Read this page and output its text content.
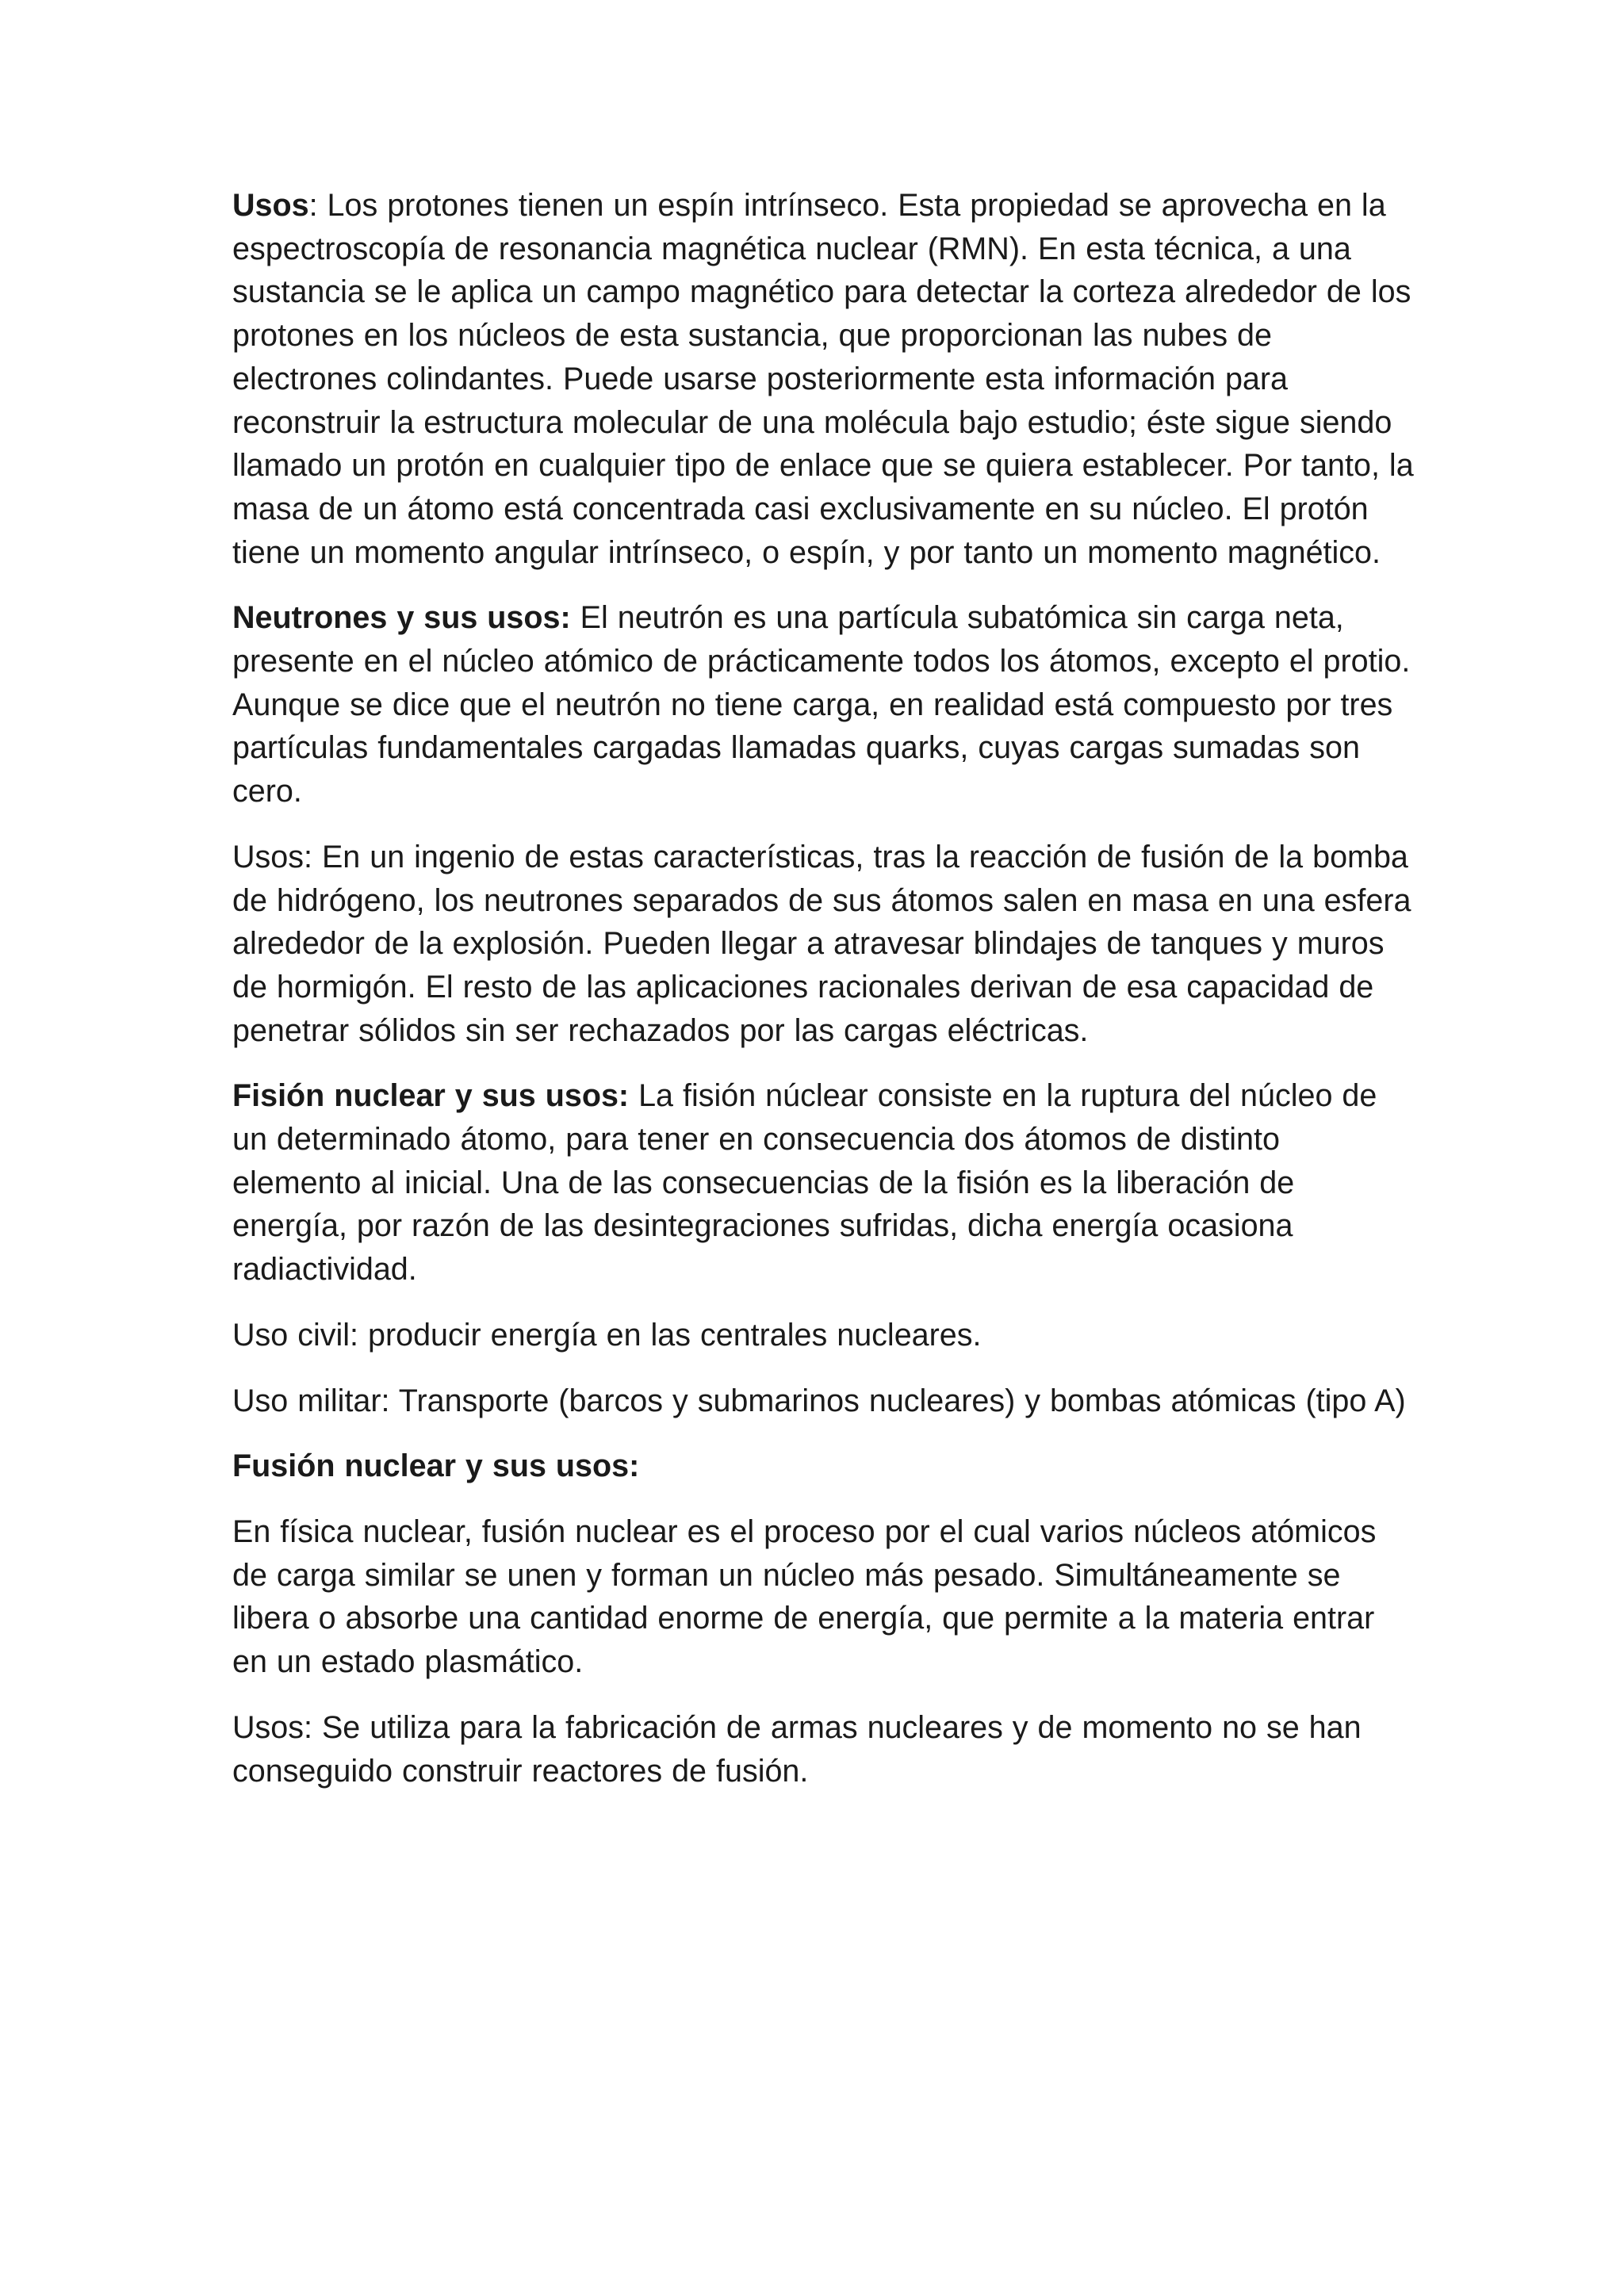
Usos: Los protones tienen un espín intrínseco. Esta propiedad se aprovecha en la espectroscopía de resonancia magnética nuclear (RMN). En esta técnica, a una sustancia se le aplica un campo magnético para detectar la corteza alrededor de los protones en los núcleos de esta sustancia, que proporcionan las nubes de electrones colindantes. Puede usarse posteriormente esta información para reconstruir la estructura molecular de una molécula bajo estudio; éste sigue siendo llamado un protón en cualquier tipo de enlace que se quiera establecer. Por tanto, la masa de un átomo está concentrada casi exclusivamente en su núcleo. El protón tiene un momento angular intrínseco, o espín, y por tanto un momento magnético.

Neutrones y sus usos: El neutrón es una partícula subatómica sin carga neta, presente en el núcleo atómico de prácticamente todos los átomos, excepto el protio. Aunque se dice que el neutrón no tiene carga, en realidad está compuesto por tres partículas fundamentales cargadas llamadas quarks, cuyas cargas sumadas son cero.

Usos: En un ingenio de estas características, tras la reacción de fusión de la bomba de hidrógeno, los neutrones separados de sus átomos salen en masa en una esfera alrededor de la explosión. Pueden llegar a atravesar blindajes de tanques y muros de hormigón. El resto de las aplicaciones racionales derivan de esa capacidad de penetrar sólidos sin ser rechazados por las cargas eléctricas.

Fisión nuclear y sus usos: La fisión núclear consiste en la ruptura del núcleo de un determinado átomo, para tener en consecuencia dos átomos de distinto elemento al inicial. Una de las consecuencias de la fisión es la liberación de energía, por razón de las desintegraciones sufridas, dicha energía ocasiona radiactividad.

Uso civil: producir energía en las centrales nucleares.

Uso militar: Transporte (barcos y submarinos nucleares) y bombas atómicas (tipo A)

Fusión nuclear y sus usos:

En física nuclear, fusión nuclear es el proceso por el cual varios núcleos atómicos de carga similar se unen y forman un núcleo más pesado. Simultáneamente se libera o absorbe una cantidad enorme de energía, que permite a la materia entrar en un estado plasmático.

Usos: Se utiliza para la fabricación de armas nucleares y de momento no se han conseguido construir reactores de fusión.
